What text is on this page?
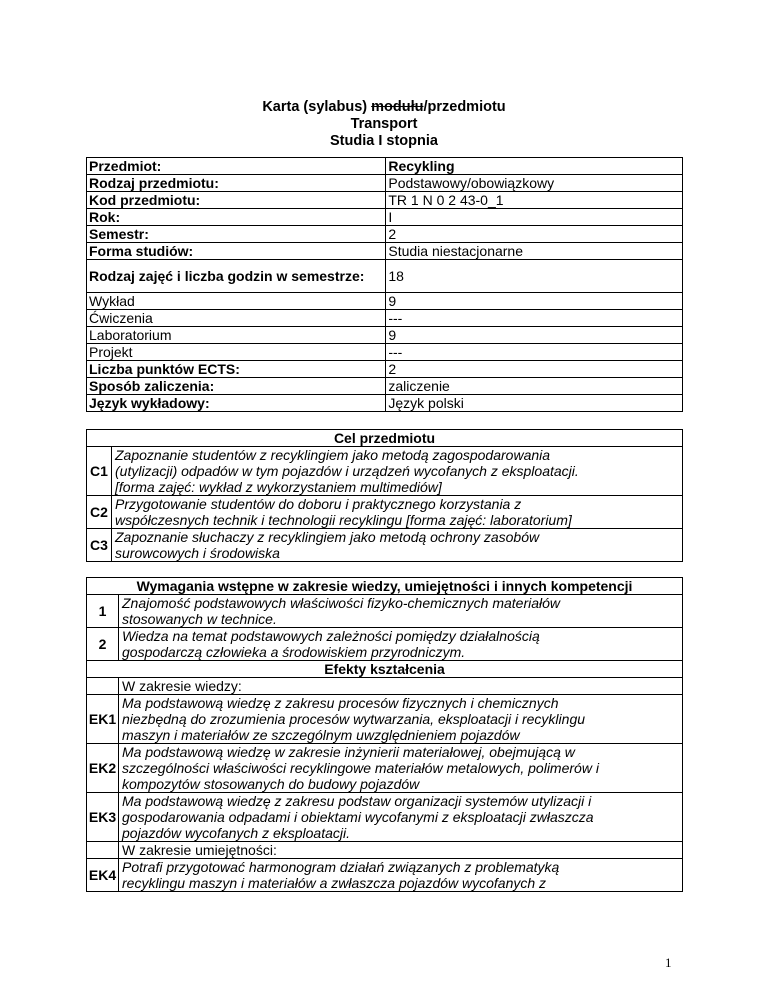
Karta (sylabus) modułu/przedmiotu
Transport
Studia I stopnia
Przedmiot:	Recykling
Rodzaj przedmiotu:	Podstawowy/obowiązkowy
Kod przedmiotu:	TR 1 N 0 2 43-0_1
Rok:	I
Semestr:	2
Forma studiów:	Studia niestacjonarne
Rodzaj zajęć i liczba godzin w semestrze:	18
Wykład	9
Ćwiczenia	---
Laboratorium	9
Projekt	---
Liczba punktów ECTS:	2
Sposób zaliczenia:	zaliczenie
Język wykładowy:	Język polski
Cel przedmiotu	
C1	Zapoznanie studentów z recyklingiem jako metodą zagospodarowania
(utylizacji) odpadów w tym pojazdów i urządzeń wycofanych z eksploatacji.
[forma zajęć: wykład z wykorzystaniem multimediów]

C2	Przygotowanie studentów do doboru i praktycznego korzystania z
współczesnych technik i technologii recyklingu [forma zajęć: laboratorium]

C3	Zapoznanie słuchaczy z recyklingiem jako metodą ochrony zasobów
surowcowych i środowiska
Wymagania wstępne w zakresie wiedzy, umiejętności i innych kompetencji	
1	Znajomość podstawowych właściwości fizyko-chemicznych materiałów
stosowanych w technice.

2	Wiedza na temat podstawowych zależności pomiędzy działalnością
gospodarczą człowieka a środowiskiem przyrodniczym.

Efekty kształcenia	
	W zakresie wiedzy:
EK1	Ma podstawową wiedzę z zakresu procesów fizycznych i chemicznych
niezbędną do zrozumienia procesów wytwarzania, eksploatacji i recyklingu
maszyn i materiałów ze szczególnym uwzględnieniem pojazdów

EK2	Ma podstawową wiedzę w zakresie inżynierii materiałowej, obejmującą w
szczególności właściwości recyklingowe materiałów metalowych, polimerów i
kompozytów stosowanych do budowy pojazdów

EK3	Ma podstawową wiedzę z zakresu podstaw organizacji systemów utylizacji i
gospodarowania odpadami i obiektami wycofanymi z eksploatacji zwłaszcza
pojazdów wycofanych z eksploatacji.

	W zakresie umiejętności:
EK4	Potrafi przygotować harmonogram działań związanych z problematyką
recyklingu maszyn i materiałów a zwłaszcza pojazdów wycofanych z
1
